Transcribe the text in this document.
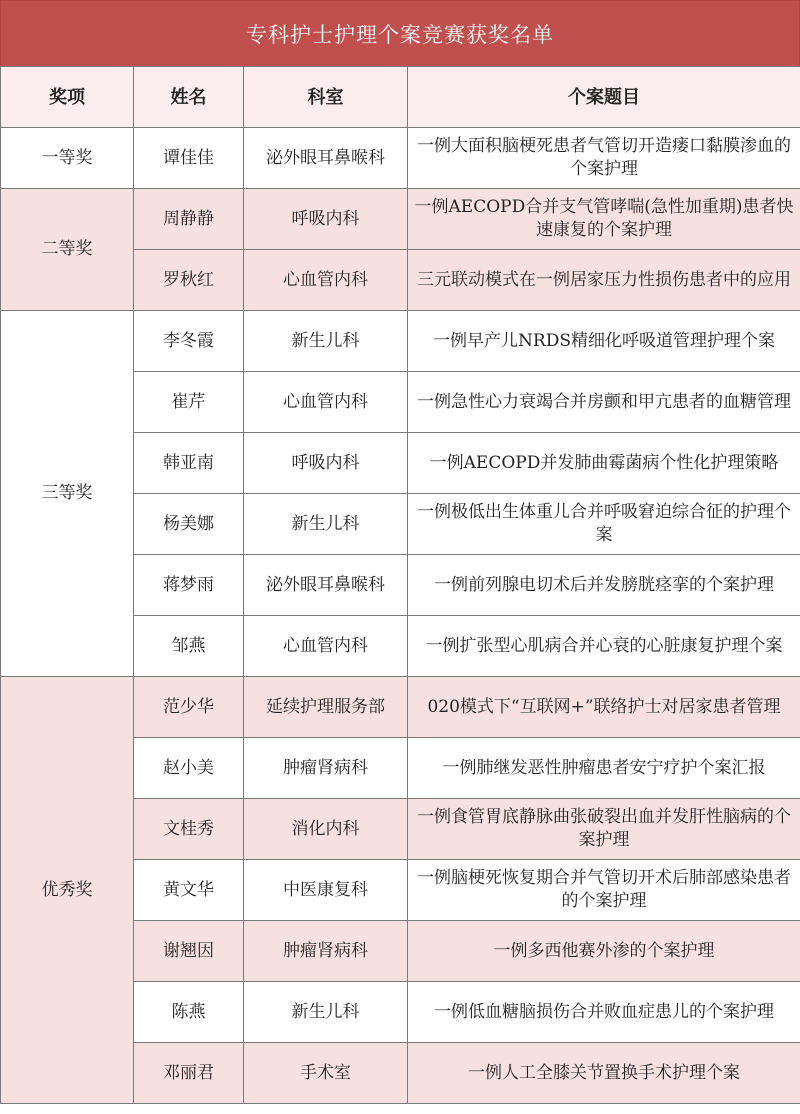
专科护士护理个案竞赛获奖名单
奖项	姓名	科室	个案题目
一等奖	谭佳佳	泌外眼耳鼻喉科	一例大面积脑梗死患者气管切开造瘘口黏膜渗血的个案护理
二等奖	周静静	呼吸内科	一例AECOPD合并支气管哮喘(急性加重期)患者快速康复的个案护理
	罗秋红	心血管内科	三元联动模式在一例居家压力性损伤患者中的应用
三等奖	李冬霞	新生儿科	一例早产儿NRDS精细化呼吸道管理护理个案
	崔芹	心血管内科	一例急性心力衰竭合并房颤和甲亢患者的血糖管理
	韩亚南	呼吸内科	一例AECOPD并发肺曲霉菌病个性化护理策略
	杨美娜	新生儿科	一例极低出生体重儿合并呼吸窘迫综合征的护理个案
	蒋梦雨	泌外眼耳鼻喉科	一例前列腺电切术后并发膀胱痉挛的个案护理
	邹燕	心血管内科	一例扩张型心肌病合并心衰的心脏康复护理个案
优秀奖	范少华	延续护理服务部	020模式下“互联网+”联络护士对居家患者管理
	赵小美	肿瘤肾病科	一例肺继发恶性肿瘤患者安宁疗护个案汇报
	文桂秀	消化内科	一例食管胃底静脉曲张破裂出血并发肝性脑病的个案护理
	黄文华	中医康复科	一例脑梗死恢复期合并气管切开术后肺部感染患者的个案护理
	谢翘因	肿瘤肾病科	一例多西他赛外渗的个案护理
	陈燕	新生儿科	一例低血糖脑损伤合并败血症患儿的个案护理
	邓丽君	手术室	一例人工全膝关节置换手术护理个案
